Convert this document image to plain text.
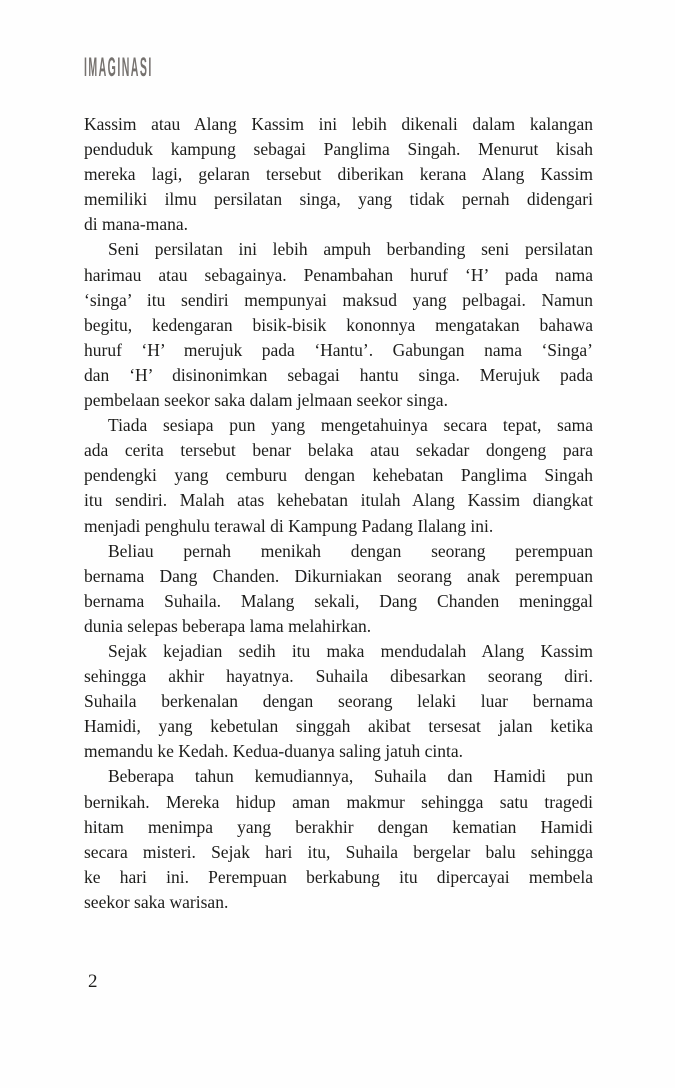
IMAGINASI
Kassim atau Alang Kassim ini lebih dikenali dalam kalangan
penduduk kampung sebagai Panglima Singah. Menurut kisah
mereka lagi, gelaran tersebut diberikan kerana Alang Kassim
memiliki ilmu persilatan singa, yang tidak pernah didengari
di mana-mana.
Seni persilatan ini lebih ampuh berbanding seni persilatan
harimau atau sebagainya. Penambahan huruf ‘H’ pada nama
‘singa’ itu sendiri mempunyai maksud yang pelbagai. Namun
begitu, kedengaran bisik-bisik kononnya mengatakan bahawa
huruf ‘H’ merujuk pada ‘Hantu’. Gabungan nama ‘Singa’
dan ‘H’ disinonimkan sebagai hantu singa. Merujuk pada
pembelaan seekor saka dalam jelmaan seekor singa.
Tiada sesiapa pun yang mengetahuinya secara tepat, sama
ada cerita tersebut benar belaka atau sekadar dongeng para
pendengki yang cemburu dengan kehebatan Panglima Singah
itu sendiri. Malah atas kehebatan itulah Alang Kassim diangkat
menjadi penghulu terawal di Kampung Padang Ilalang ini.
Beliau pernah menikah dengan seorang perempuan
bernama Dang Chanden. Dikurniakan seorang anak perempuan
bernama Suhaila. Malang sekali, Dang Chanden meninggal
dunia selepas beberapa lama melahirkan.
Sejak kejadian sedih itu maka mendudalah Alang Kassim
sehingga akhir hayatnya. Suhaila dibesarkan seorang diri.
Suhaila berkenalan dengan seorang lelaki luar bernama
Hamidi, yang kebetulan singgah akibat tersesat jalan ketika
memandu ke Kedah. Kedua-duanya saling jatuh cinta.
Beberapa tahun kemudiannya, Suhaila dan Hamidi pun
bernikah. Mereka hidup aman makmur sehingga satu tragedi
hitam menimpa yang berakhir dengan kematian Hamidi
secara misteri. Sejak hari itu, Suhaila bergelar balu sehingga
ke hari ini. Perempuan berkabung itu dipercayai membela
seekor saka warisan.
2
